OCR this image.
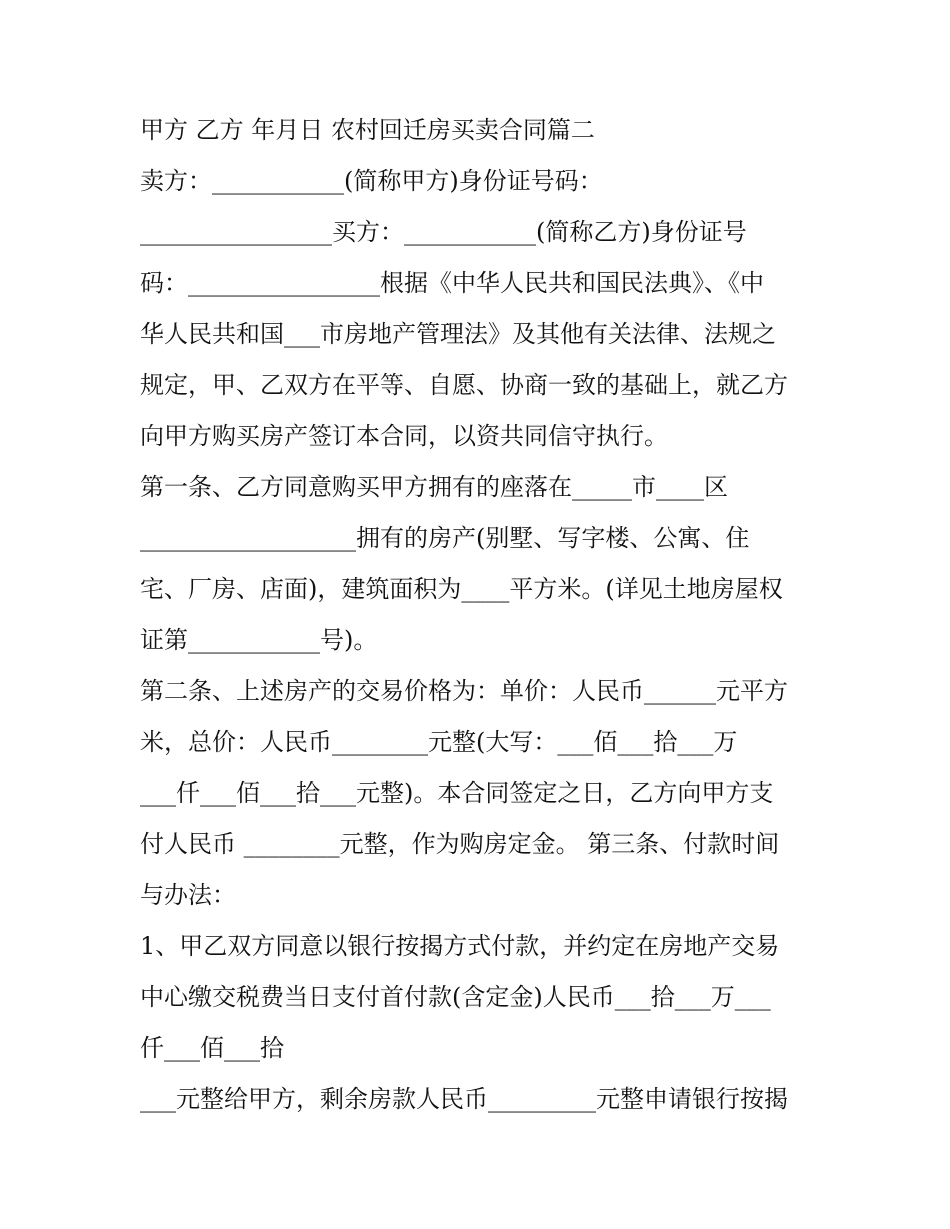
甲方 乙方 年月日 农村回迁房买卖合同篇二
卖方：___________(简称甲方)身份证号码：
________________买方：___________(简称乙方)身份证号
码：________________根据《中华人民共和国民法典》、《中
华人民共和国___市房地产管理法》及其他有关法律、法规之
规定，甲、乙双方在平等、自愿、协商一致的基础上，就乙方
向甲方购买房产签订本合同，以资共同信守执行。
第一条、乙方同意购买甲方拥有的座落在_____市____区
__________________拥有的房产(别墅、写字楼、公寓、住
宅、厂房、店面)，建筑面积为____平方米。(详见土地房屋权
证第___________号)。
第二条、上述房产的交易价格为：单价：人民币______元平方
米，总价：人民币________元整(大写：___佰___拾___万
___仟___佰___拾___元整)。本合同签定之日，乙方向甲方支
付人民币 ________元整，作为购房定金。 第三条、付款时间
与办法：
1、甲乙双方同意以银行按揭方式付款，并约定在房地产交易
中心缴交税费当日支付首付款(含定金)人民币___拾___万___
仟___佰___拾
___元整给甲方，剩余房款人民币_________元整申请银行按揭
